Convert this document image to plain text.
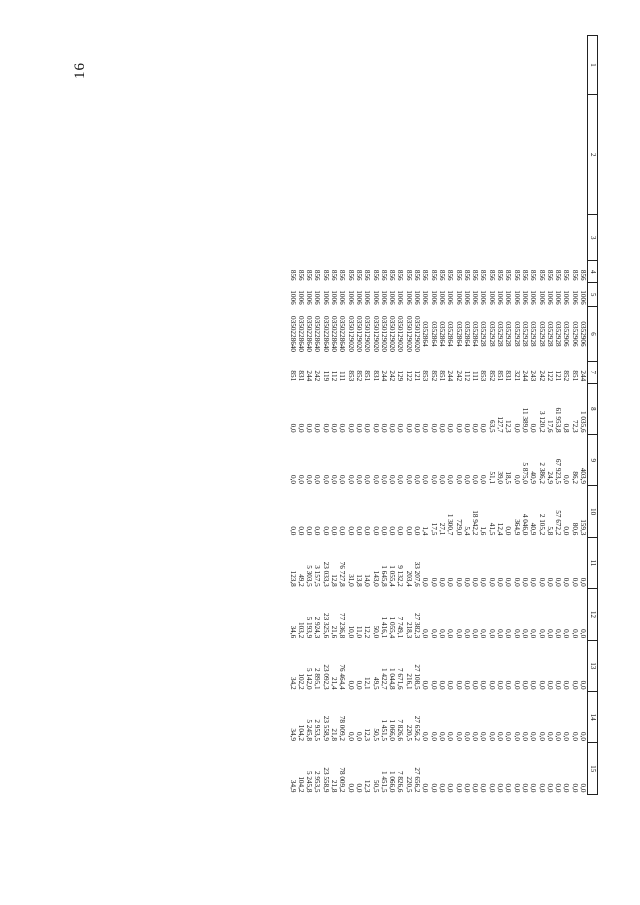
16	1	2	3	4	5	6	7	8	9	10	11	12	13	14	15
			856	1006	0352906	244	1 035,6	403,9	159,3	0,0	0,0	0,0	0,0	0,0
			856	1006	0352906	851	72,3	86,2	80,6	0,0	0,0	0,0	0,0	0,0
			856	1006	0352906	852	0,8	0,0	0,0	0,0	0,0	0,0	0,0	0,0
			856	1006	0352928	121	61 953,8	67 923,5	57 672,2	0,0	0,0	0,0	0,0	0,0
			856	1006	0352928	122	17,6	24,9	5,8	0,0	0,0	0,0	0,0	0,0
			856	1006	0352928	242	3 120,2	2 386,2	2 105,2	0,0	0,0	0,0	0,0	0,0
			856	1006	0352928	243	0,0	40,9	40,9	0,0	0,0	0,0	0,0	0,0
			856	1006	0352928	244	11 389,0	5 875,0	4 046,0	0,0	0,0	0,0	0,0	0,0
			856	1006	0352928	321	0,0	0,0	364,9	0,0	0,0	0,0	0,0	0,0
			856	1006	0352928	831	12,3	18,5	0,0	0,0	0,0	0,0	0,0	0,0
			856	1006	0352928	851	127,7	39,0	12,4	0,0	0,0	0,0	0,0	0,0
			856	1006	0352928	852	63,5	51,1	41,5	0,0	0,0	0,0	0,0	0,0
			856	1006	0352928	853	0,0	0,0	1,6	0,0	0,0	0,0	0,0	0,0
			856	1006	0352864	111	0,0	0,0	18 942,2	0,0	0,0	0,0	0,0	0,0
			856	1006	0352864	112	0,0	0,0	5,4	0,0	0,0	0,0	0,0	0,0
			856	1006	0352864	242	0,0	0,0	729,0	0,0	0,0	0,0	0,0	0,0
			856	1006	0352864	244	0,0	0,0	1 300,7	0,0	0,0	0,0	0,0	0,0
			856	1006	0352864	851	0,0	0,0	27,1	0,0	0,0	0,0	0,0	0,0
			856	1006	0352864	852	0,0	0,0	17,5	0,0	0,0	0,0	0,0	0,0
			856	1006	0352864	853	0,0	0,0	1,4	0,0	0,0	0,0	0,0	0,0
			856	1006	0350129020	121	0,0	0,0	0,0	33 207,6	27 382,3	27 108,5	27 656,2	27 656,2
			856	1006	0350129020	122	0,0	0,0	0,0	203,4	218,3	216,1	220,5	220,5
			856	1006	0350129020	129	0,0	0,0	0,0	9 132,2	7 749,1	7 671,6	7 826,6	7 826,6
			856	1006	0350129020	242	0,0	0,0	0,0	1 055,4	1 055,4	1 044,8	1 066,0	1 066,0
			856	1006	0350129020	244	0,0	0,0	0,0	1 645,8	1 416,1	1 422,7	1 451,5	1 451,5
			856	1006	0350129020	831	0,0	0,0	0,0	143,0	50,0	49,5	50,5	50,5
			856	1006	0350129020	851	0,0	0,0	0,0	14,0	12,2	12,1	12,3	12,3
			856	1006	0350129020	852	0,0	0,0	0,0	13,8	11,0	0,0	0,0	0,0
			856	1006	0350129020	853	0,0	0,0	0,0	31,0	10,0	0,0	0,0	0,0
			856	1006	0350228640	111	0,0	0,0	0,0	76 727,8	77 236,8	76 464,4	78 009,2	78 009,2
			856	1006	0350228640	112	0,0	0,0	0,0	12,8	21,6	21,4	21,8	21,8
			856	1006	0350228640	119	0,0	0,0	0,0	23 033,3	23 325,6	23 092,3	23 558,9	23 558,9
			856	1006	0350228640	242	0,0	0,0	0,0	3 157,5	2 924,3	2 895,1	2 953,5	2 953,5
			856	1006	0350228640	244	0,0	0,0	0,0	5 303,5	5 193,9	5 142,0	5 245,8	5 245,8
			856	1006	0350228640	831	0,0	0,0	0,0	49,2	103,2	102,2	104,2	104,2
			856	1006	0350228640	851	0,0	0,0	0,0	123,8	34,6	34,2	34,9	34,9
